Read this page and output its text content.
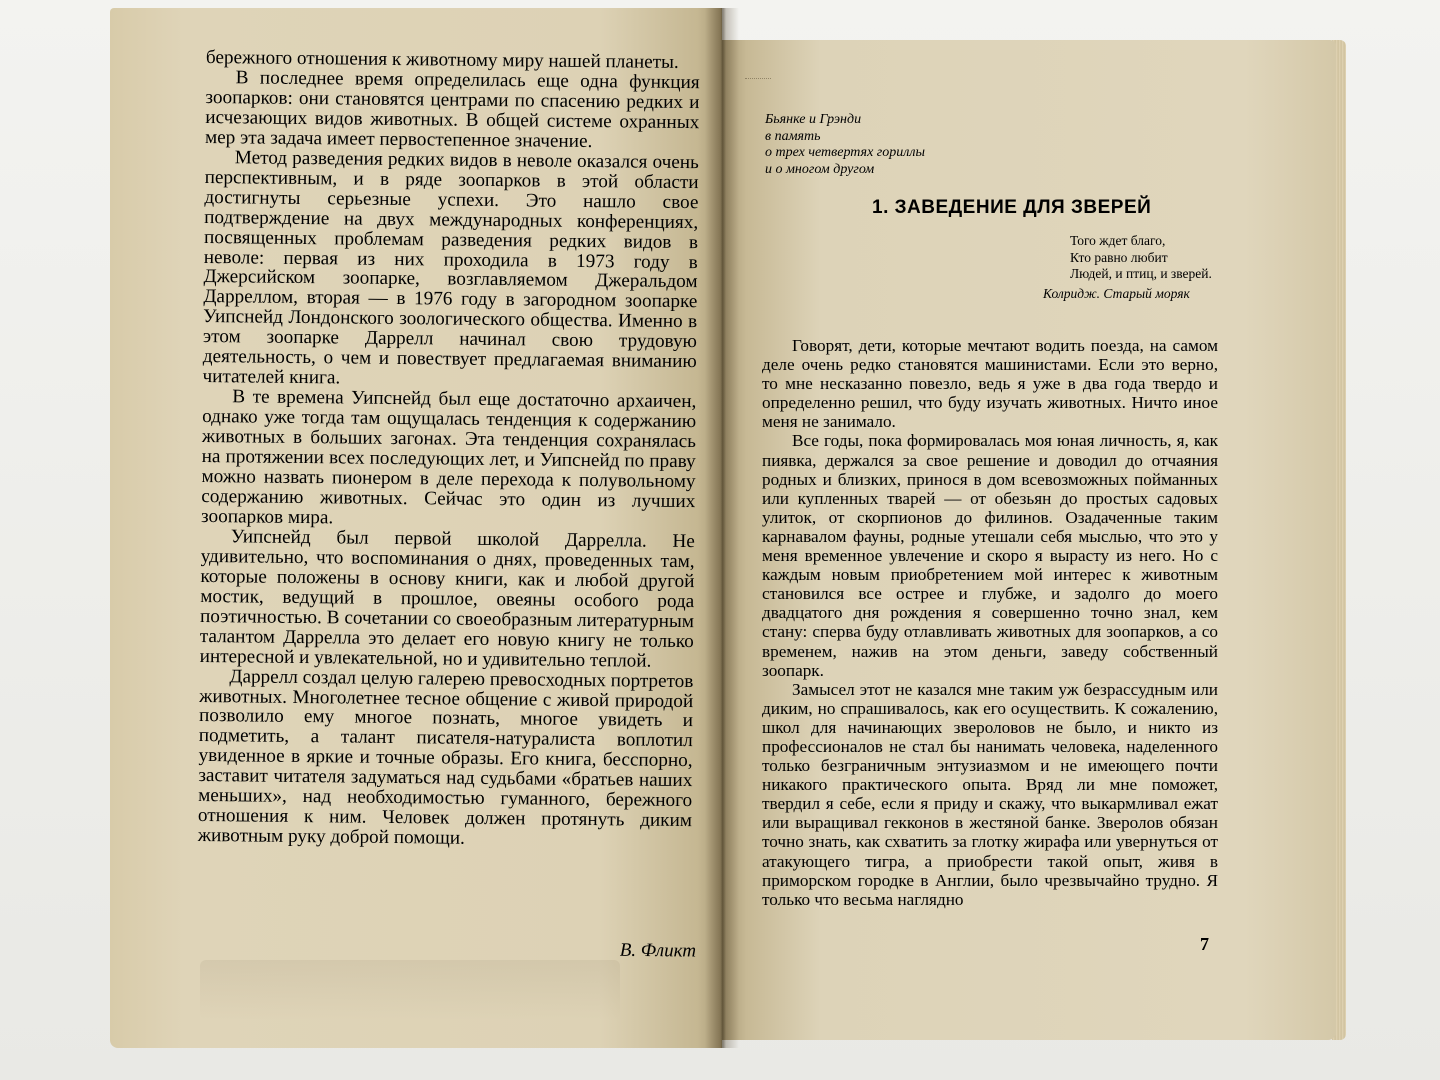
бережного отношения к животному миру нашей планеты.

В последнее время определилась еще одна функция зоопарков: они становятся центрами по спасению редких и исчезающих видов животных. В общей системе охранных мер эта задача имеет первостепенное значение.

Метод разведения редких видов в неволе оказался очень перспективным, и в ряде зоопарков в этой области достигнуты серьезные успехи. Это нашло свое подтверждение на двух международных конференциях, посвященных проблемам разведения редких видов в неволе: первая из них проходила в 1973 году в Джерсийском зоопарке, возглавляемом Джеральдом Дарреллом, вторая — в 1976 году в загородном зоопарке Уипснейд Лондонского зоологического общества. Именно в этом зоопарке Даррелл начинал свою трудовую деятельность, о чем и повествует предлагаемая вниманию читателей книга.

В те времена Уипснейд был еще достаточно архаичен, однако уже тогда там ощущалась тенденция к содержанию животных в больших загонах. Эта тенденция сохранялась на протяжении всех последующих лет, и Уипснейд по праву можно назвать пионером в деле перехода к полувольному содержанию животных. Сейчас это один из лучших зоопарков мира.

Уипснейд был первой школой Даррелла. Не удивительно, что воспоминания о днях, проведенных там, которые положены в основу книги, как и любой другой мостик, ведущий в прошлое, овеяны особого рода поэтичностью. В сочетании со своеобразным литературным талантом Даррелла это делает его новую книгу не только интересной и увлекательной, но и удивительно теплой.

Даррелл создал целую галерею превосходных портретов животных. Многолетнее тесное общение с живой природой позволило ему многое познать, многое увидеть и подметить, а талант писателя-натуралиста воплотил увиденное в яркие и точные образы. Его книга, бесспорно, заставит читателя задуматься над судьбами «братьев наших меньших», над необходимостью гуманного, бережного отношения к ним. Человек должен протянуть диким животным руку доброй помощи.

В. Фликт
Бьянке и Грэнди
в память
о трех четвертях гориллы
и о многом другом
1. ЗАВЕДЕНИЕ ДЛЯ ЗВЕРЕЙ
Того ждет благо,
Кто равно любит
Людей, и птиц, и зверей.
Колридж. Старый моряк

Говорят, дети, которые мечтают водить поезда, на самом деле очень редко становятся машинистами. Если это верно, то мне несказанно повезло, ведь я уже в два года твердо и определенно решил, что буду изучать животных. Ничто иное меня не занимало.

Все годы, пока формировалась моя юная личность, я, как пиявка, держался за свое решение и доводил до отчаяния родных и близких, принося в дом всевозможных пойманных или купленных тварей — от обезьян до простых садовых улиток, от скорпионов до филинов. Озадаченные таким карнавалом фауны, родные утешали себя мыслью, что это у меня временное увлечение и скоро я вырасту из него. Но с каждым новым приобретением мой интерес к животным становился все острее и глубже, и задолго до моего двадцатого дня рождения я совершенно точно знал, кем стану: сперва буду отлавливать животных для зоопарков, а со временем, нажив на этом деньги, заведу собственный зоопарк.

Замысел этот не казался мне таким уж безрассудным или диким, но спрашивалось, как его осуществить. К сожалению, школ для начинающих звероловов не было, и никто из профессионалов не стал бы нанимать человека, наделенного только безграничным энтузиазмом и не имеющего почти никакого практического опыта. Вряд ли мне поможет, твердил я себе, если я приду и скажу, что выкармливал ежат или выращивал гекконов в жестяной банке. Зверолов обязан точно знать, как схватить за глотку жирафа или увернуться от атакующего тигра, а приобрести такой опыт, живя в приморском городке в Англии, было чрезвычайно трудно. Я только что весьма наглядно

7
